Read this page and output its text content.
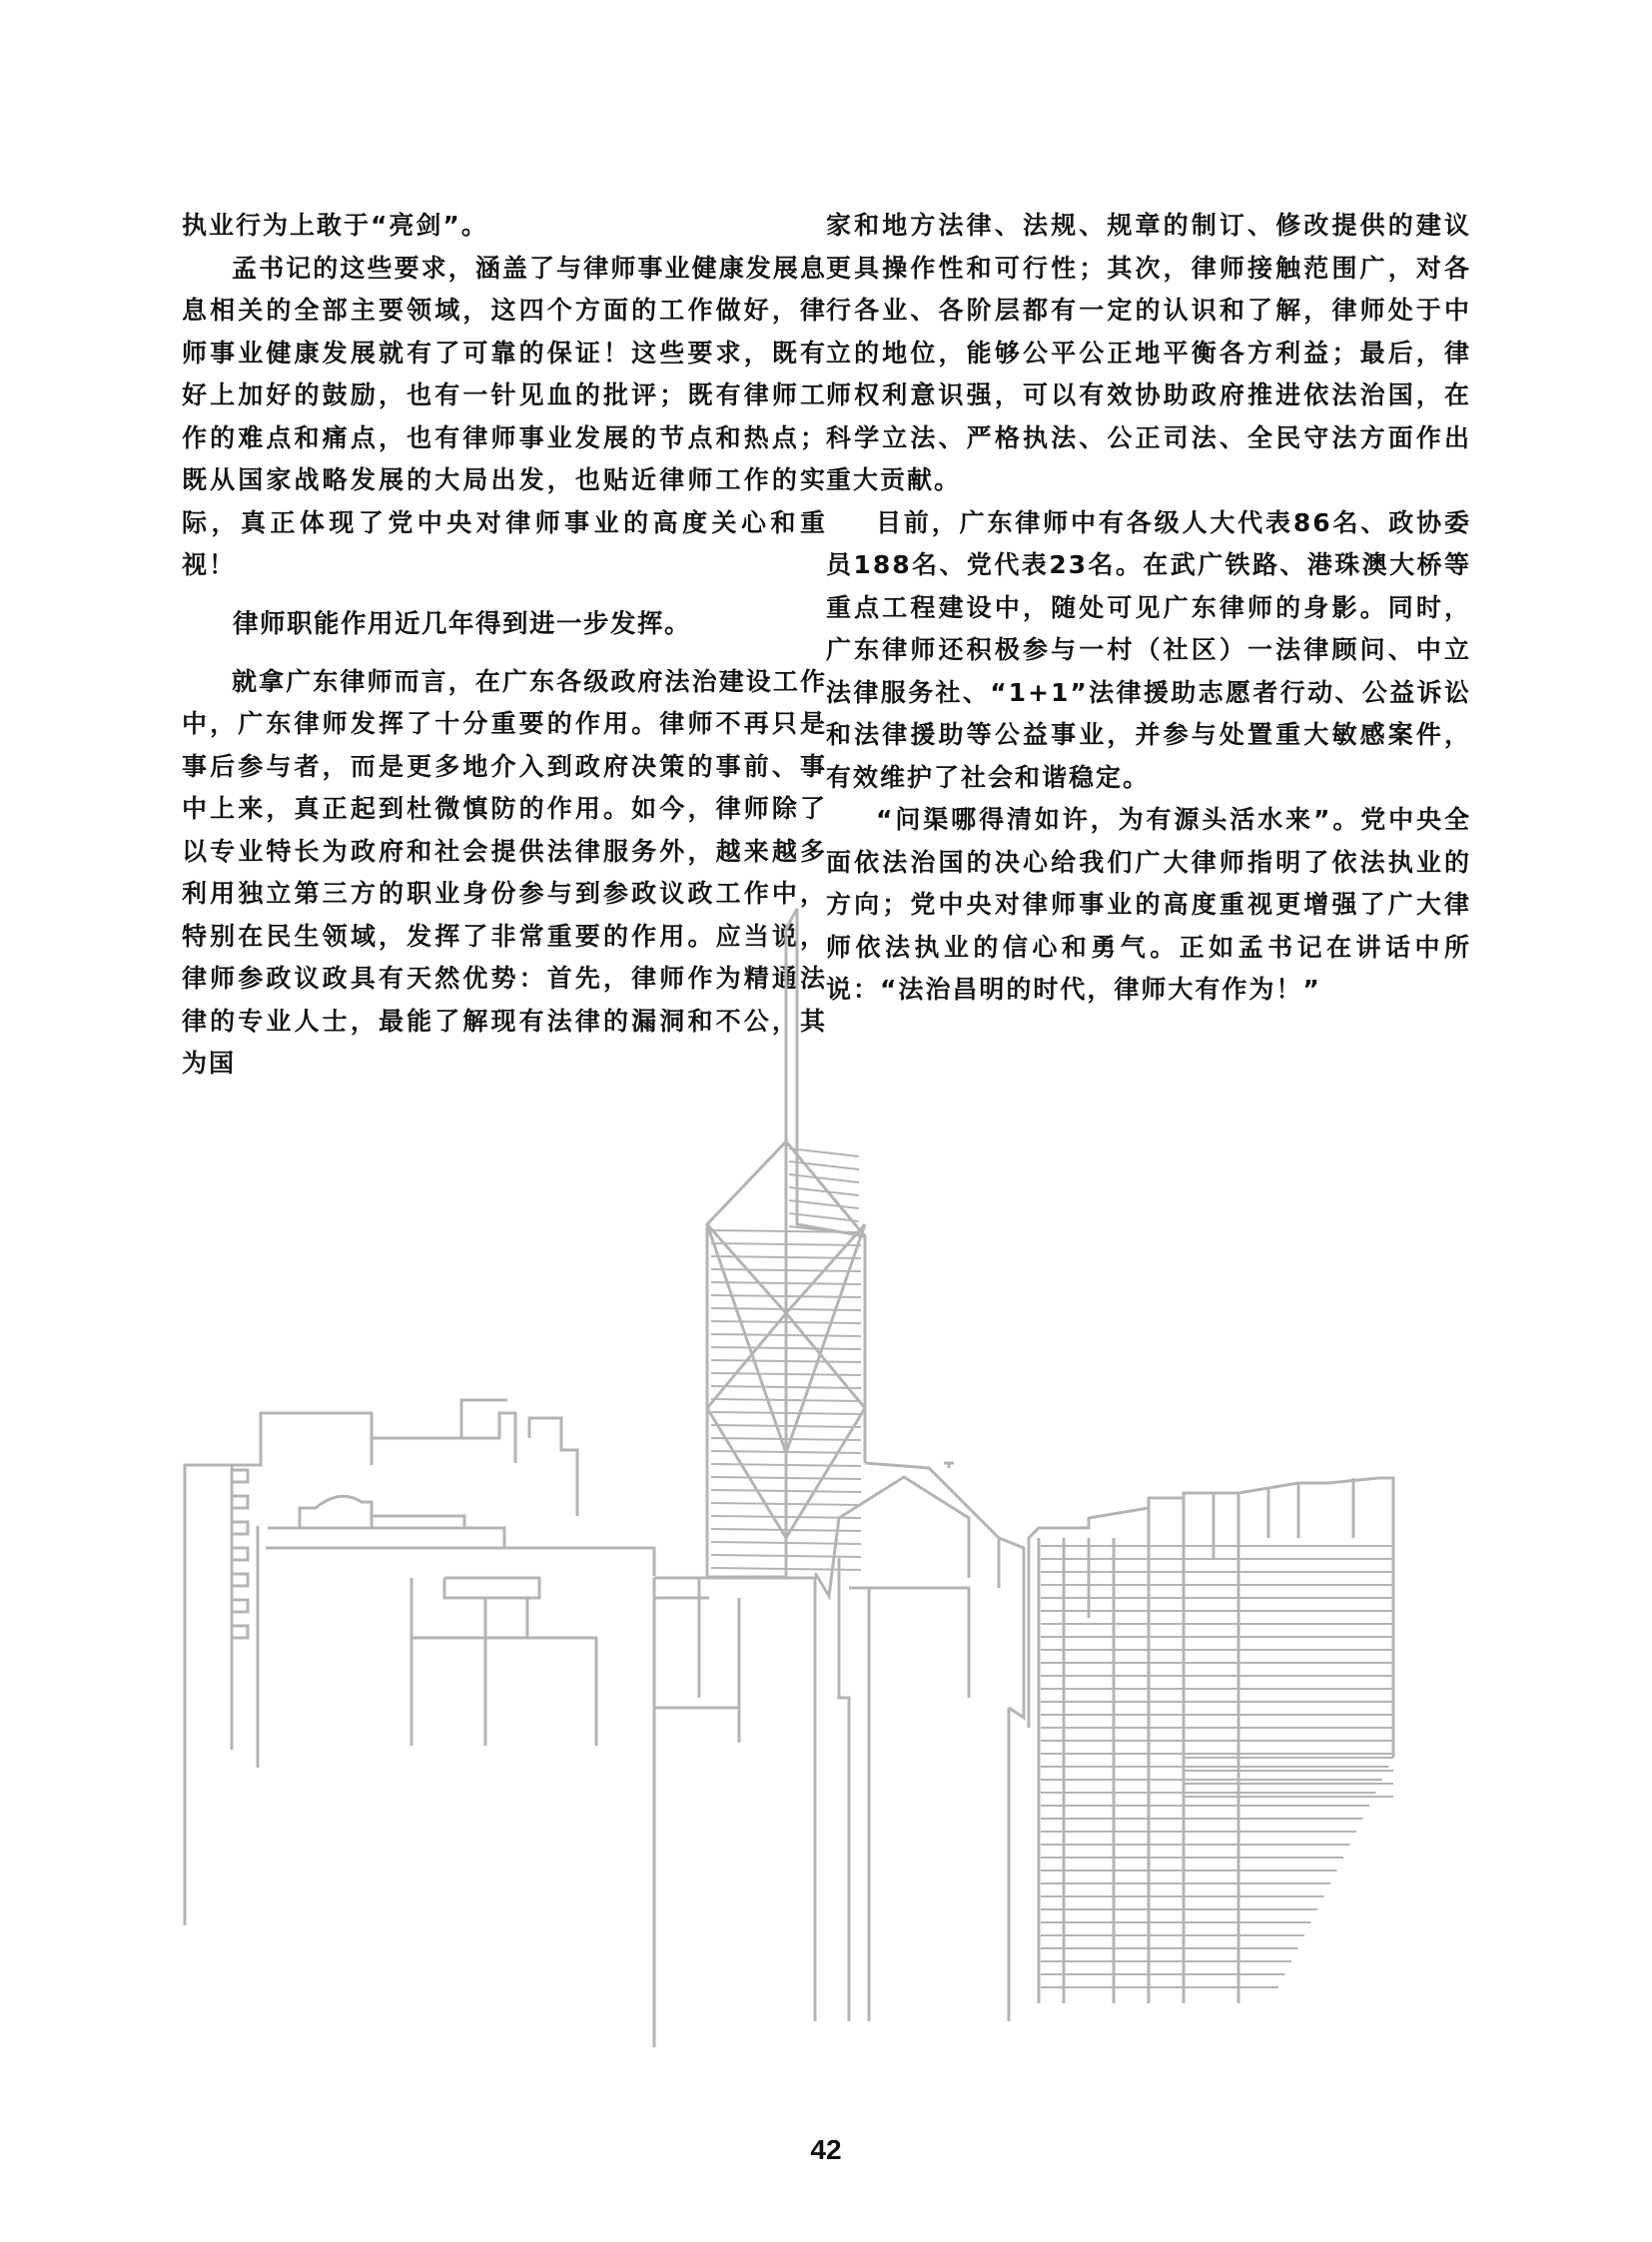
执业行为上敢于“亮剑”。

孟书记的这些要求，涵盖了与律师事业健康发展息息相关的全部主要领域，这四个方面的工作做好，律师事业健康发展就有了可靠的保证！这些要求，既有好上加好的鼓励，也有一针见血的批评；既有律师工作的难点和痛点，也有律师事业发展的节点和热点；既从国家战略发展的大局出发，也贴近律师工作的实际，真正体现了党中央对律师事业的高度关心和重视！

律师职能作用近几年得到进一步发挥。

就拿广东律师而言，在广东各级政府法治建设工作中，广东律师发挥了十分重要的作用。律师不再只是事后参与者，而是更多地介入到政府决策的事前、事中上来，真正起到杜微慎防的作用。如今，律师除了以专业特长为政府和社会提供法律服务外，越来越多利用独立第三方的职业身份参与到参政议政工作中，特别在民生领域，发挥了非常重要的作用。应当说，律师参政议政具有天然优势：首先，律师作为精通法律的专业人士，最能了解现有法律的漏洞和不公，其为国

家和地方法律、法规、规章的制订、修改提供的建议更具操作性和可行性；其次，律师接触范围广，对各行各业、各阶层都有一定的认识和了解，律师处于中立的地位，能够公平公正地平衡各方利益；最后，律师权利意识强，可以有效协助政府推进依法治国，在科学立法、严格执法、公正司法、全民守法方面作出重大贡献。

目前，广东律师中有各级人大代表86名、政协委员188名、党代表23名。在武广铁路、港珠澳大桥等重点工程建设中，随处可见广东律师的身影。同时，广东律师还积极参与一村（社区）一法律顾问、中立法律服务社、“1+1”法律援助志愿者行动、公益诉讼和法律援助等公益事业，并参与处置重大敏感案件，有效维护了社会和谐稳定。

“问渠哪得清如许，为有源头活水来”。党中央全面依法治国的决心给我们广大律师指明了依法执业的方向；党中央对律师事业的高度重视更增强了广大律师依法执业的信心和勇气。正如孟书记在讲话中所说：“法治昌明的时代，律师大有作为！”

42
